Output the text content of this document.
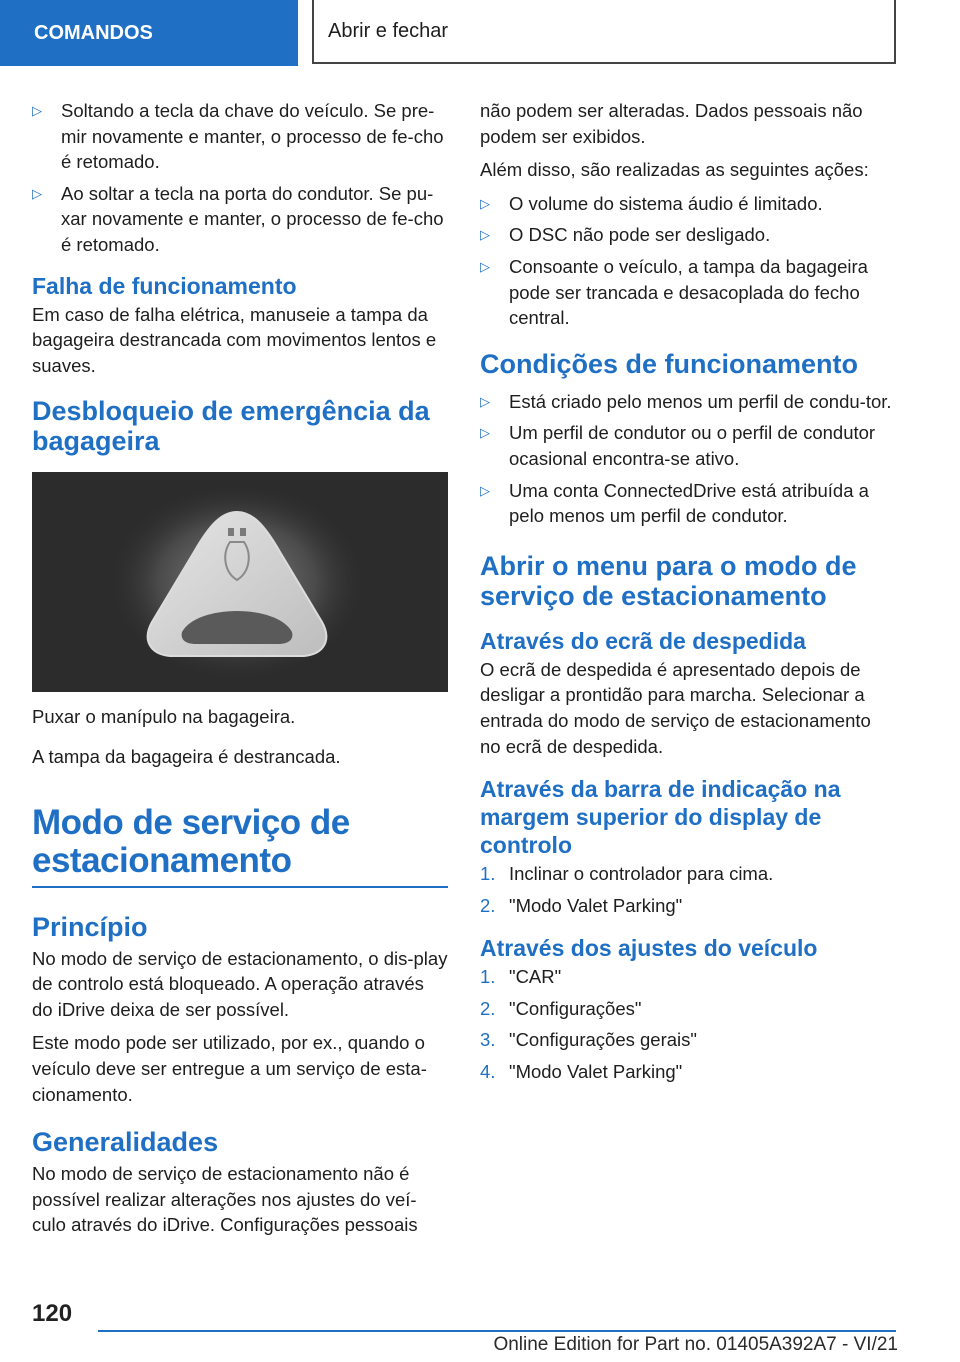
COMANDOS	Abrir e fechar
▷ Soltando a tecla da chave do veículo. Se pre‐mir novamente e manter, o processo de fe‐cho é retomado.
▷ Ao soltar a tecla na porta do condutor. Se pu‐xar novamente e manter, o processo de fe‐cho é retomado.
Falha de funcionamento

Em caso de falha elétrica, manuseie a tampa da bagageira destrancada com movimentos lentos e suaves.

Desbloqueio de emergência da bagageira

Puxar o manípulo na bagageira.

A tampa da bagageira é destrancada.

Modo de serviço de estacionamento
Princípio

No modo de serviço de estacionamento, o dis‐play de controlo está bloqueado. A operação através do iDrive deixa de ser possível.

Este modo pode ser utilizado, por ex., quando o veículo deve ser entregue a um serviço de esta‐cionamento.

Generalidades

No modo de serviço de estacionamento não é possível realizar alterações nos ajustes do veí‐culo através do iDrive. Configurações pessoais

não podem ser alteradas. Dados pessoais não podem ser exibidos.

Além disso, são realizadas as seguintes ações:

▷ O volume do sistema áudio é limitado.
▷ O DSC não pode ser desligado.
▷ Consoante o veículo, a tampa da bagageira pode ser trancada e desacoplada do fecho central.
Condições de funcionamento
▷ Está criado pelo menos um perfil de condu‐tor.
▷ Um perfil de condutor ou o perfil de condutor ocasional encontra-se ativo.
▷ Uma conta ConnectedDrive está atribuída a pelo menos um perfil de condutor.
Abrir o menu para o modo de serviço de estacionamento
Através do ecrã de despedida

O ecrã de despedida é apresentado depois de desligar a prontidão para marcha. Selecionar a entrada do modo de serviço de estacionamento no ecrã de despedida.

Através da barra de indicação na margem superior do display de controlo
1. Inclinar o controlador para cima.
2. "Modo Valet Parking"
Através dos ajustes do veículo
1. "CAR"
2. "Configurações"
3. "Configurações gerais"
4. "Modo Valet Parking"
120
Online Edition for Part no. 01405A392A7 - VI/21
